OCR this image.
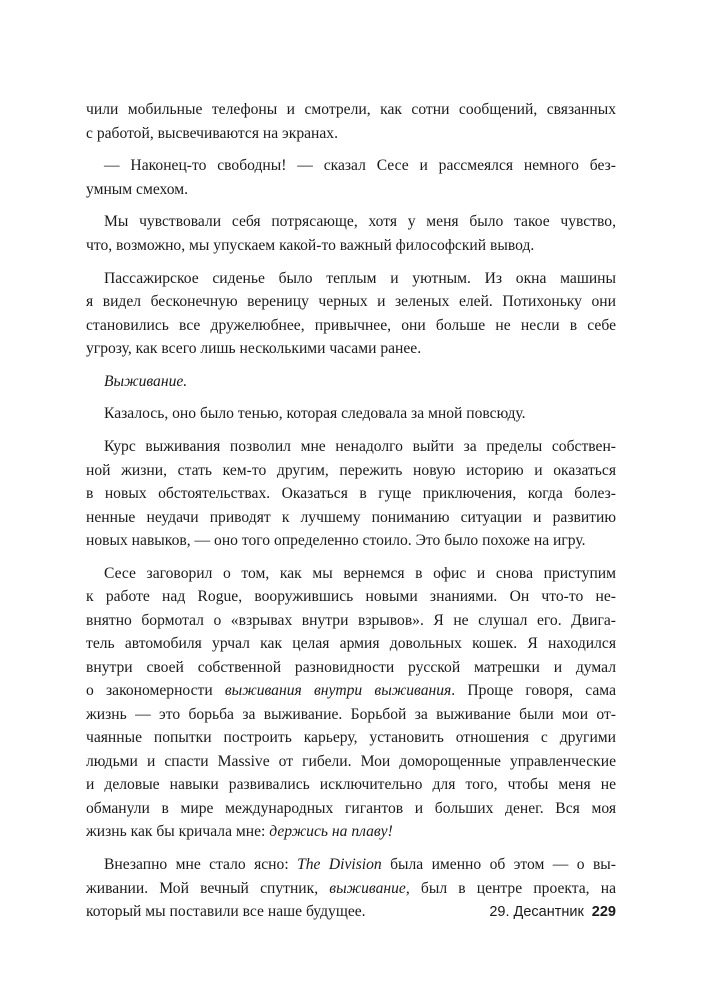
чили мобильные телефоны и смотрели, как сотни сообщений, связанных
с работой, высвечиваются на экранах.

— Наконец-то свободны! — сказал Сесе и рассмеялся немного без-
умным смехом.

Мы чувствовали себя потрясающе, хотя у меня было такое чувство,
что, возможно, мы упускаем какой-то важный философский вывод.

Пассажирское сиденье было теплым и уютным. Из окна машины
я видел бесконечную вереницу черных и зеленых елей. Потихоньку они
становились все дружелюбнее, привычнее, они больше не несли в себе
угрозу, как всего лишь несколькими часами ранее.

Выживание.

Казалось, оно было тенью, которая следовала за мной повсюду.

Курс выживания позволил мне ненадолго выйти за пределы собствен-
ной жизни, стать кем-то другим, пережить новую историю и оказаться
в новых обстоятельствах. Оказаться в гуще приключения, когда болез-
ненные неудачи приводят к лучшему пониманию ситуации и развитию
новых навыков, — оно того определенно стоило. Это было похоже на игру.

Сесе заговорил о том, как мы вернемся в офис и снова приступим
к работе над Rogue, вооружившись новыми знаниями. Он что-то не-
внятно бормотал о «взрывах внутри взрывов». Я не слушал его. Двига-
тель автомобиля урчал как целая армия довольных кошек. Я находился
внутри своей собственной разновидности русской матрешки и думал
о закономерности выживания внутри выживания. Проще говоря, сама
жизнь — это борьба за выживание. Борьбой за выживание были мои от-
чаянные попытки построить карьеру, установить отношения с другими
людьми и спасти Massive от гибели. Мои доморощенные управленческие
и деловые навыки развивались исключительно для того, чтобы меня не
обманули в мире международных гигантов и больших денег. Вся моя
жизнь как бы кричала мне: держись на плаву!

Внезапно мне стало ясно: The Division была именно об этом — о вы-
живании. Мой вечный спутник, выживание, был в центре проекта, на
который мы поставили все наше будущее.	29. Десантник 229
